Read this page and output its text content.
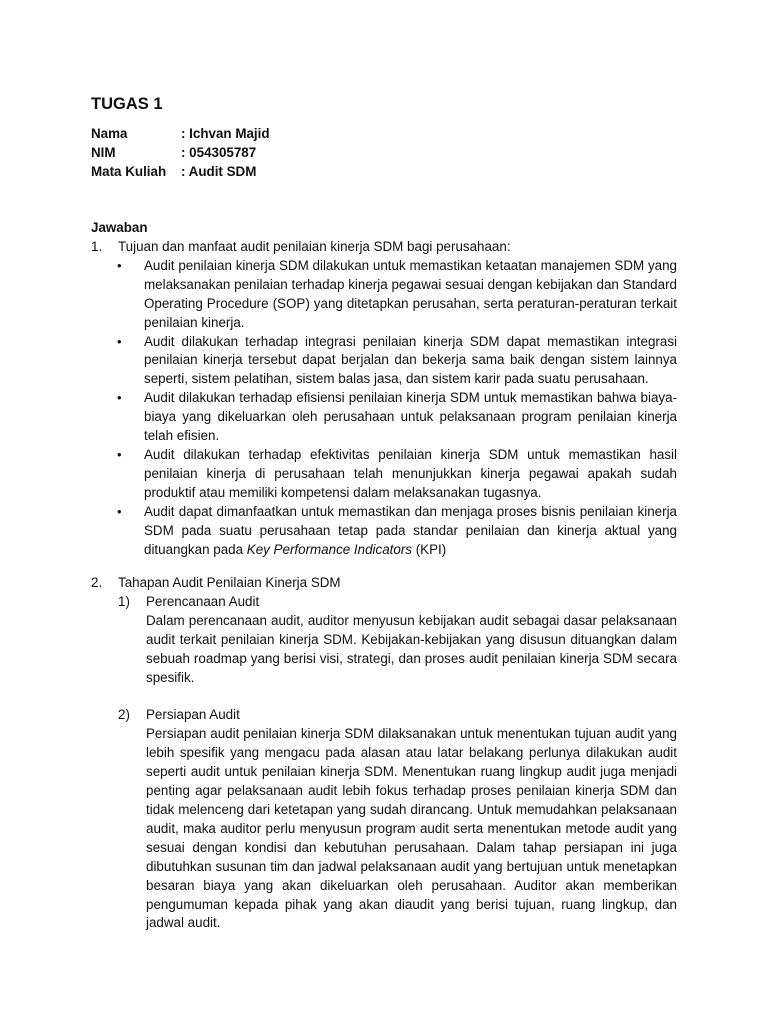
TUGAS 1
Nama	: Ichvan Majid
NIM	: 054305787
Mata Kuliah	: Audit SDM
Jawaban
1.	Tujuan dan manfaat audit penilaian kinerja SDM bagi perusahaan:
•	Audit penilaian kinerja SDM dilakukan untuk memastikan ketaatan manajemen SDM yang melaksanakan penilaian terhadap kinerja pegawai sesuai dengan kebijakan dan Standard Operating Procedure (SOP) yang ditetapkan perusahan, serta peraturan-peraturan terkait penilaian kinerja.
•	Audit dilakukan terhadap integrasi penilaian kinerja SDM dapat memastikan integrasi penilaian kinerja tersebut dapat berjalan dan bekerja sama baik dengan sistem lainnya seperti, sistem pelatihan, sistem balas jasa, dan sistem karir pada suatu perusahaan.
•	Audit dilakukan terhadap efisiensi penilaian kinerja SDM untuk memastikan bahwa biaya-biaya yang dikeluarkan oleh perusahaan untuk pelaksanaan program penilaian kinerja telah efisien.
•	Audit dilakukan terhadap efektivitas penilaian kinerja SDM untuk memastikan hasil penilaian kinerja di perusahaan telah menunjukkan kinerja pegawai apakah sudah produktif atau memiliki kompetensi dalam melaksanakan tugasnya.
•	Audit dapat dimanfaatkan untuk memastikan dan menjaga proses bisnis penilaian kinerja SDM pada suatu perusahaan tetap pada standar penilaian dan kinerja aktual yang dituangkan pada Key Performance Indicators (KPI)
2.	Tahapan Audit Penilaian Kinerja SDM
1)	Perencanaan Audit
Dalam perencanaan audit, auditor menyusun kebijakan audit sebagai dasar pelaksanaan audit terkait penilaian kinerja SDM. Kebijakan-kebijakan yang disusun dituangkan dalam sebuah roadmap yang berisi visi, strategi, dan proses audit penilaian kinerja SDM secara spesifik.
2)	Persiapan Audit
Persiapan audit penilaian kinerja SDM dilaksanakan untuk menentukan tujuan audit yang lebih spesifik yang mengacu pada alasan atau latar belakang perlunya dilakukan audit seperti audit untuk penilaian kinerja SDM. Menentukan ruang lingkup audit juga menjadi penting agar pelaksanaan audit lebih fokus terhadap proses penilaian kinerja SDM dan tidak melenceng dari ketetapan yang sudah dirancang. Untuk memudahkan pelaksanaan audit, maka auditor perlu menyusun program audit serta menentukan metode audit yang sesuai dengan kondisi dan kebutuhan perusahaan. Dalam tahap persiapan ini juga dibutuhkan susunan tim dan jadwal pelaksanaan audit yang bertujuan untuk menetapkan besaran biaya yang akan dikeluarkan oleh perusahaan. Auditor akan memberikan pengumuman kepada pihak yang akan diaudit yang berisi tujuan, ruang lingkup, dan jadwal audit.
